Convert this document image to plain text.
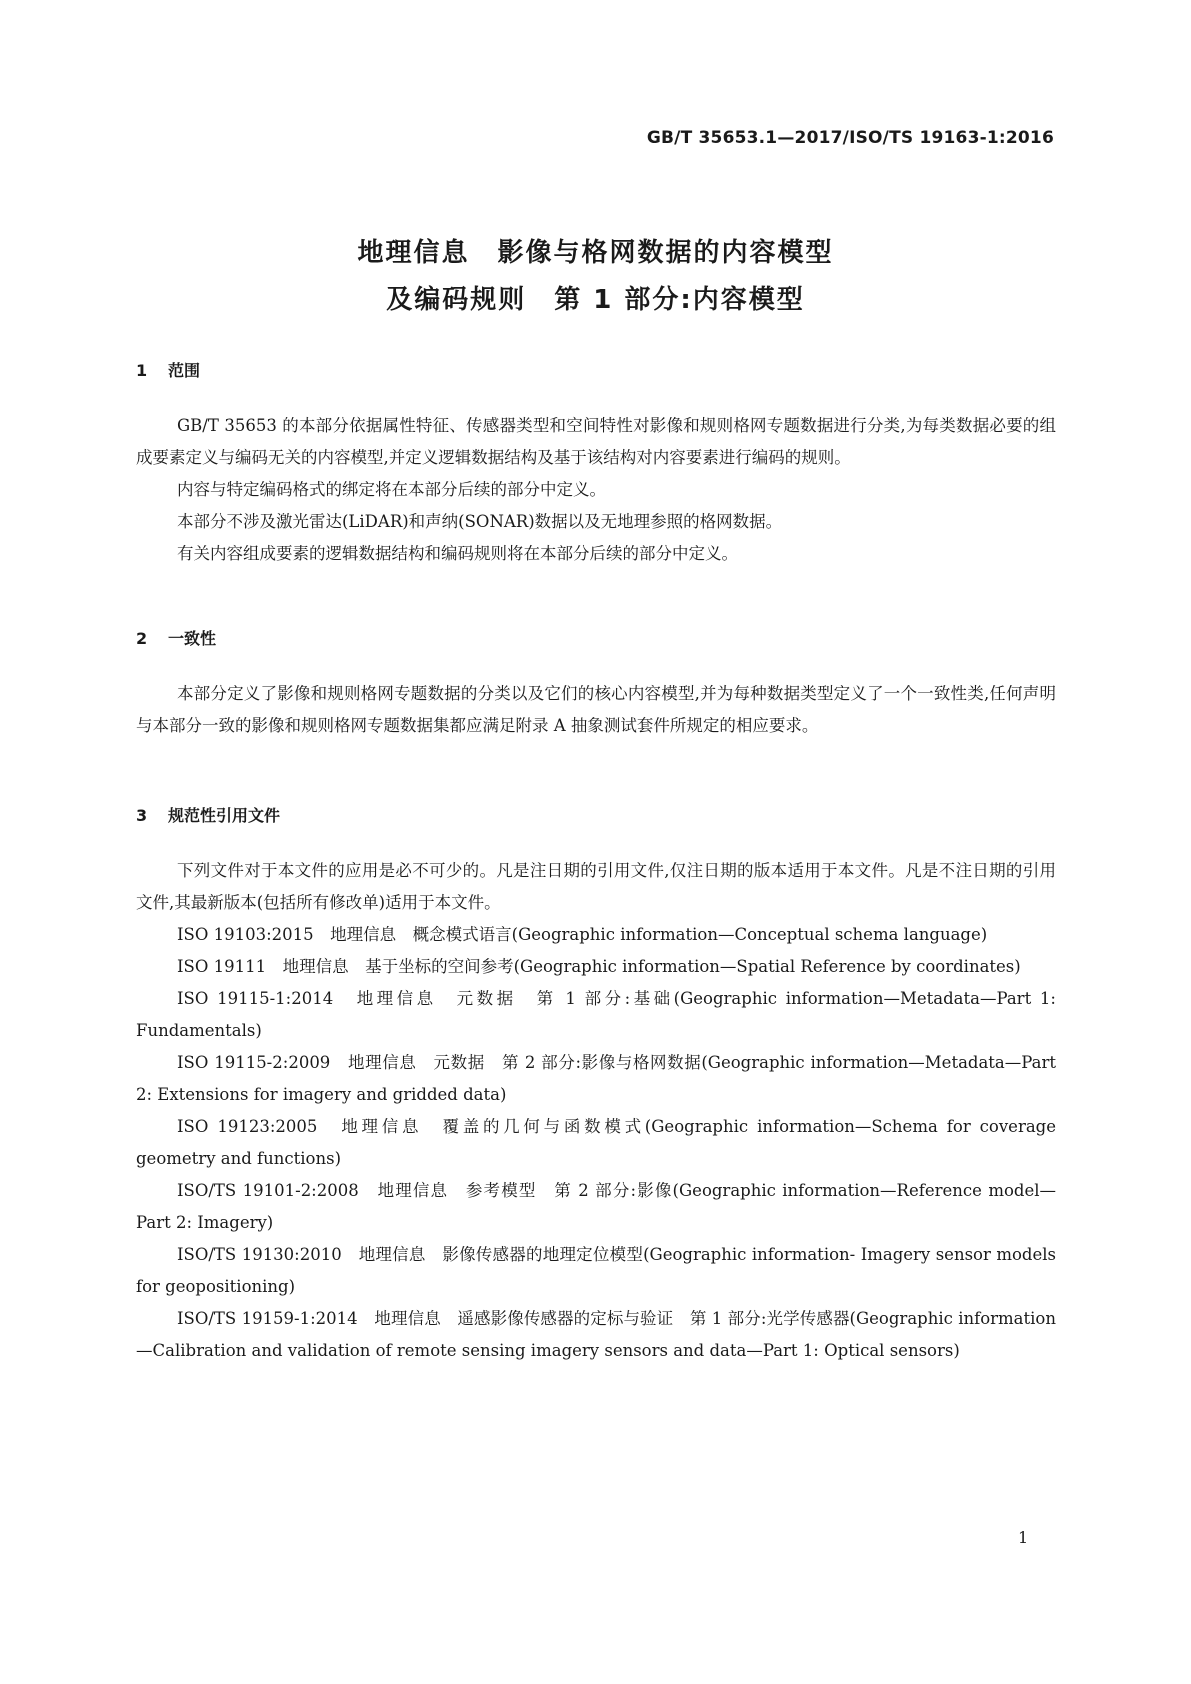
GB/T 35653.1—2017/ISO/TS 19163-1:2016
地理信息　影像与格网数据的内容模型
及编码规则　第 1 部分:内容模型
1 范围

GB/T 35653 的本部分依据属性特征、传感器类型和空间特性对影像和规则格网专题数据进行分类,为每类数据必要的组成要素定义与编码无关的内容模型,并定义逻辑数据结构及基于该结构对内容要素进行编码的规则。

内容与特定编码格式的绑定将在本部分后续的部分中定义。

本部分不涉及激光雷达(LiDAR)和声纳(SONAR)数据以及无地理参照的格网数据。

有关内容组成要素的逻辑数据结构和编码规则将在本部分后续的部分中定义。

2 一致性

本部分定义了影像和规则格网专题数据的分类以及它们的核心内容模型,并为每种数据类型定义了一个一致性类,任何声明与本部分一致的影像和规则格网专题数据集都应满足附录 A 抽象测试套件所规定的相应要求。

3 规范性引用文件

下列文件对于本文件的应用是必不可少的。凡是注日期的引用文件,仅注日期的版本适用于本文件。凡是不注日期的引用文件,其最新版本(包括所有修改单)适用于本文件。

ISO 19103:2015　地理信息　概念模式语言(Geographic information—Conceptual schema language)

ISO 19111　地理信息　基于坐标的空间参考(Geographic information—Spatial Reference by coordinates)

ISO 19115-1:2014　地理信息　元数据　第 1 部分:基础(Geographic information—Metadata—Part 1: Fundamentals)

ISO 19115-2:2009　地理信息　元数据　第 2 部分:影像与格网数据(Geographic information—Metadata—Part 2: Extensions for imagery and gridded data)

ISO 19123:2005　地理信息　覆盖的几何与函数模式(Geographic information—Schema for coverage geometry and functions)

ISO/TS 19101-2:2008　地理信息　参考模型　第 2 部分:影像(Geographic information—Reference model—Part 2: Imagery)

ISO/TS 19130:2010　地理信息　影像传感器的地理定位模型(Geographic information- Imagery sensor models for geopositioning)

ISO/TS 19159-1:2014　地理信息　遥感影像传感器的定标与验证　第 1 部分:光学传感器(Geographic information—Calibration and validation of remote sensing imagery sensors and data—Part 1: Optical sensors)

1
